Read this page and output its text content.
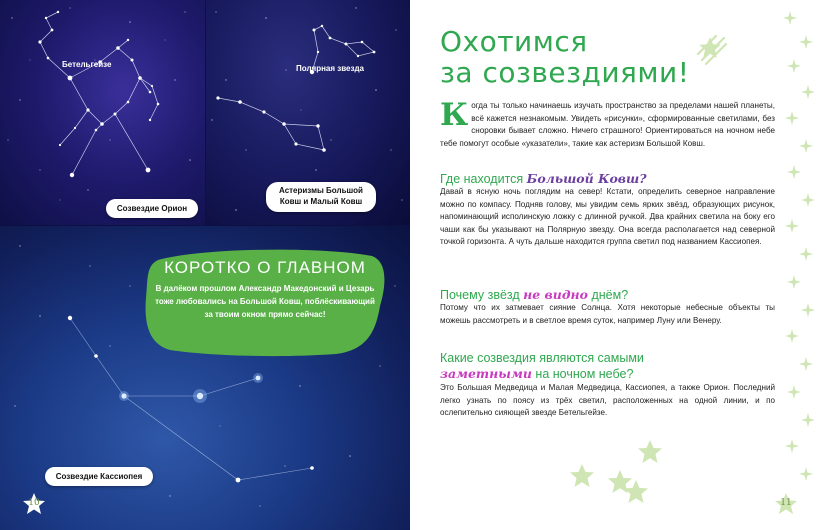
Бетельгейзе
Созвездие Орион
Полярная звезда
Астеризмы Большой
Ковш и Малый Ковш
Созвездие Кассиопея
КОРОТКО О ГЛАВНОМ
В далёком прошлом Александр Македонский и Цезарь тоже любовались на Большой Ковш, поблёскивающий за твоим окном прямо сейчас!
10
Охотимся
за созвездиями!
Когда ты только начинаешь изучать пространство за пределами нашей планеты, всё кажется незнакомым. Увидеть «рисунки», сформированные светилами, без сноровки бывает сложно. Ничего страшного! Ориентироваться на ночном небе тебе помогут особые «указатели», такие как астеризм Большой Ковш.
Где находится Большой Ковш?
Давай в ясную ночь поглядим на север! Кстати, определить северное направление можно по компасу. Подняв голову, мы увидим семь ярких звёзд, образующих рисунок, напоминающий исполинскую ложку с длинной ручкой. Два крайних светила на боку его чаши как бы указывают на Полярную звезду. Она всегда располагается над северной точкой горизонта. А чуть дальше находится группа светил под названием Кассиопея.
Почему звёзд не видно днём?
Потому что их затмевает сияние Солнца. Хотя некоторые небесные объекты ты можешь рассмотреть и в светлое время суток, например Луну или Венеру.
Какие созвездия являются самыми
заметными на ночном небе?
Это Большая Медведица и Малая Медведица, Кассиопея, а также Орион. Последний легко узнать по поясу из трёх светил, расположенных на одной линии, и по ослепительно сияющей звезде Бетельгейзе.
11
